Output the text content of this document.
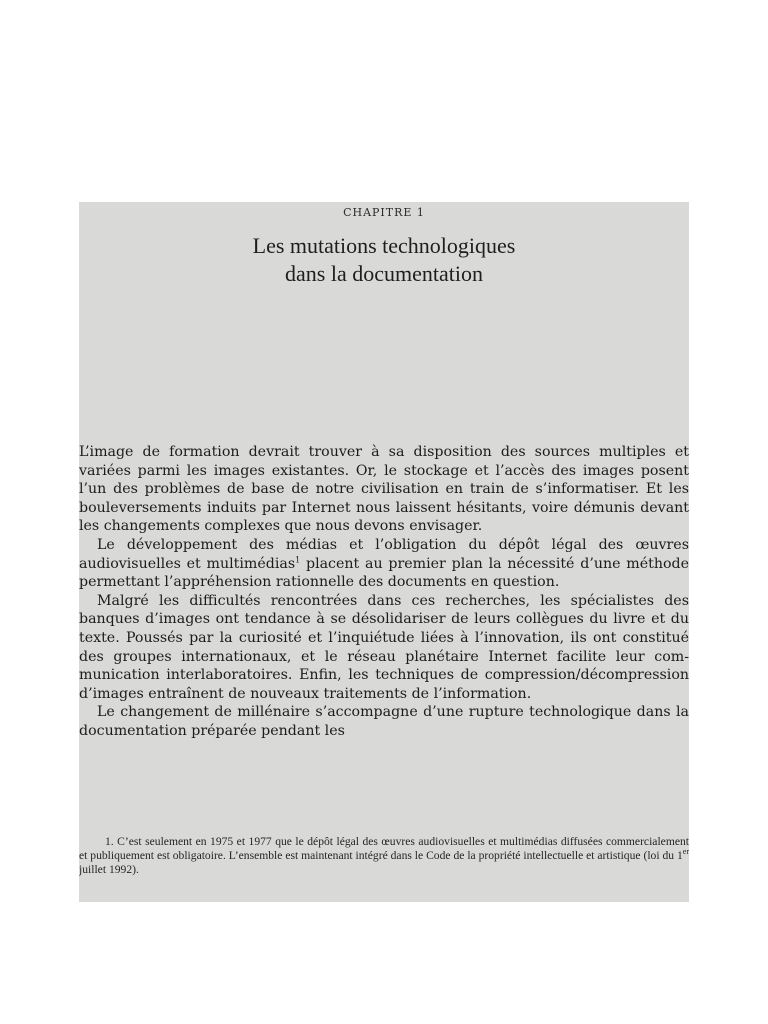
CHAPITRE 1
Les mutations technologiques
dans la documentation

L’image de formation devrait trouver à sa disposition des sources multiples et variées parmi les images existantes. Or, le stockage et l’accès des images posent l’un des problèmes de base de notre civilisation en train de s’informatiser. Et les bouleversements induits par Internet nous laissent hésitants, voire démunis devant les changements complexes que nous devons envisager.

Le développement des médias et l’obligation du dépôt légal des œuvres audiovisuelles et multimédias$^1$ placent au premier plan la nécessité d’une méthode permettant l’appréhension rationnelle des documents en question.

Malgré les difficultés rencontrées dans ces recherches, les spécialistes des banques d’images ont tendance à se désolidariser de leurs collègues du livre et du texte. Poussés par la curiosité et l’inquiétude liées à l’innovation, ils ont constitué des groupes internationaux, et le réseau planétaire Internet facilite leur communication interlaboratoires. Enfin, les techniques de compression/décompression d’images entraînent de nouveaux traitements de l’information.

Le changement de millénaire s’accompagne d’une rupture technologique dans la documentation préparée pendant les

1. C’est seulement en 1975 et 1977 que le dépôt légal des œuvres audiovisuelles et multimédias diffusées commercialement et publiquement est obligatoire. L’ensemble est maintenant intégré dans le Code de la propriété intellectuelle et artistique (loi du 1er juillet 1992).
